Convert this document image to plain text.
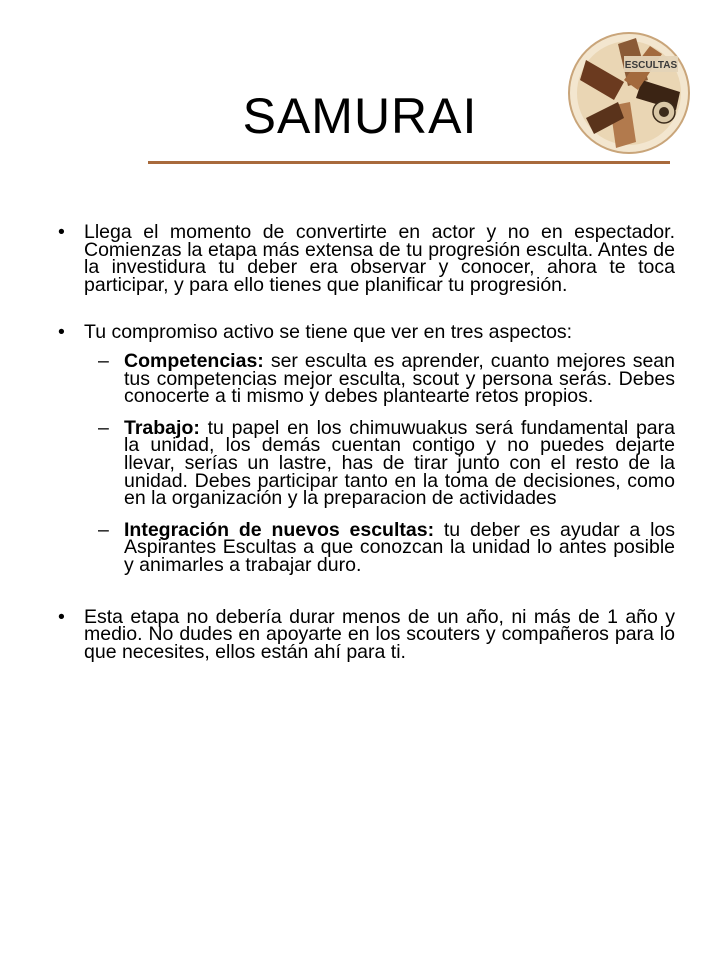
SAMURAI
ESCULTAS
• Llega el momento de convertirte en actor y no en espectador. Comienzas la etapa más extensa de tu progresión esculta. Antes de la investidura tu deber era observar y conocer, ahora te toca participar, y para ello tienes que planificar tu progresión.
• Tu compromiso activo se tiene que ver en tres aspectos:
– Competencias: ser esculta es aprender, cuanto mejores sean tus competencias mejor esculta, scout y persona serás. Debes conocerte a ti mismo y debes plantearte retos propios.
– Trabajo: tu papel en los chimuwuakus será fundamental para la unidad, los demás cuentan contigo y no puedes dejarte llevar, serías un lastre, has de tirar junto con el resto de la unidad. Debes participar tanto en la toma de decisiones, como en la organización y la preparacion de actividades
– Integración de nuevos escultas: tu deber es ayudar a los Aspirantes Escultas a que conozcan la unidad lo antes posible y animarles a trabajar duro.
• Esta etapa no debería durar menos de un año, ni más de 1 año y medio. No dudes en apoyarte en los scouters y compañeros para lo que necesites, ellos están ahí para ti.
